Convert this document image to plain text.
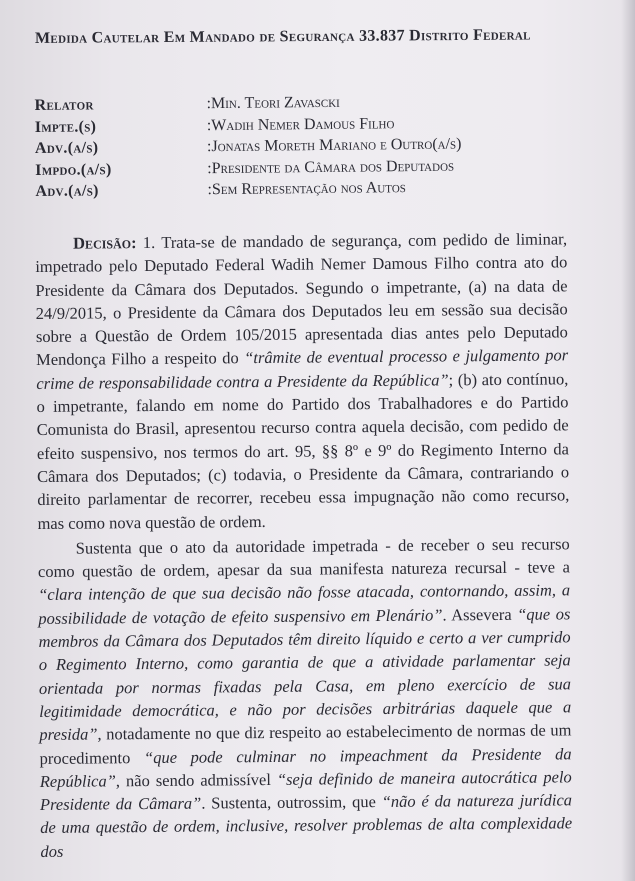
Medida Cautelar Em Mandado de Segurança 33.837 Distrito Federal
Relator	:Min. Teori Zavascki
Impte.(s)	:Wadih Nemer Damous Filho
Adv.(a/s)	:Jonatas Moreth Mariano e Outro(a/s)
Impdo.(a/s)	:Presidente da Câmara dos Deputados
Adv.(a/s)	:Sem Representação nos Autos

Decisão: 1. Trata-se de mandado de segurança, com pedido de liminar, impetrado pelo Deputado Federal Wadih Nemer Damous Filho contra ato do Presidente da Câmara dos Deputados. Segundo o impetrante, (a) na data de 24/9/2015, o Presidente da Câmara dos Deputados leu em sessão sua decisão sobre a Questão de Ordem 105/2015 apresentada dias antes pelo Deputado Mendonça Filho a respeito do “trâmite de eventual processo e julgamento por crime de responsabilidade contra a Presidente da República”; (b) ato contínuo, o impetrante, falando em nome do Partido dos Trabalhadores e do Partido Comunista do Brasil, apresentou recurso contra aquela decisão, com pedido de efeito suspensivo, nos termos do art. 95, §§ 8º e 9º do Regimento Interno da Câmara dos Deputados; (c) todavia, o Presidente da Câmara, contrariando o direito parlamentar de recorrer, recebeu essa impugnação não como recurso, mas como nova questão de ordem.

Sustenta que o ato da autoridade impetrada - de receber o seu recurso como questão de ordem, apesar da sua manifesta natureza recursal - teve a “clara intenção de que sua decisão não fosse atacada, contornando, assim, a possibilidade de votação de efeito suspensivo em Plenário”. Assevera “que os membros da Câmara dos Deputados têm direito líquido e certo a ver cumprido o Regimento Interno, como garantia de que a atividade parlamentar seja orientada por normas fixadas pela Casa, em pleno exercício de sua legitimidade democrática, e não por decisões arbitrárias daquele que a presida”, notadamente no que diz respeito ao estabelecimento de normas de um procedimento “que pode culminar no impeachment da Presidente da República”, não sendo admissível “seja definido de maneira autocrática pelo Presidente da Câmara”. Sustenta, outrossim, que “não é da natureza jurídica de uma questão de ordem, inclusive, resolver problemas de alta complexidade dos
